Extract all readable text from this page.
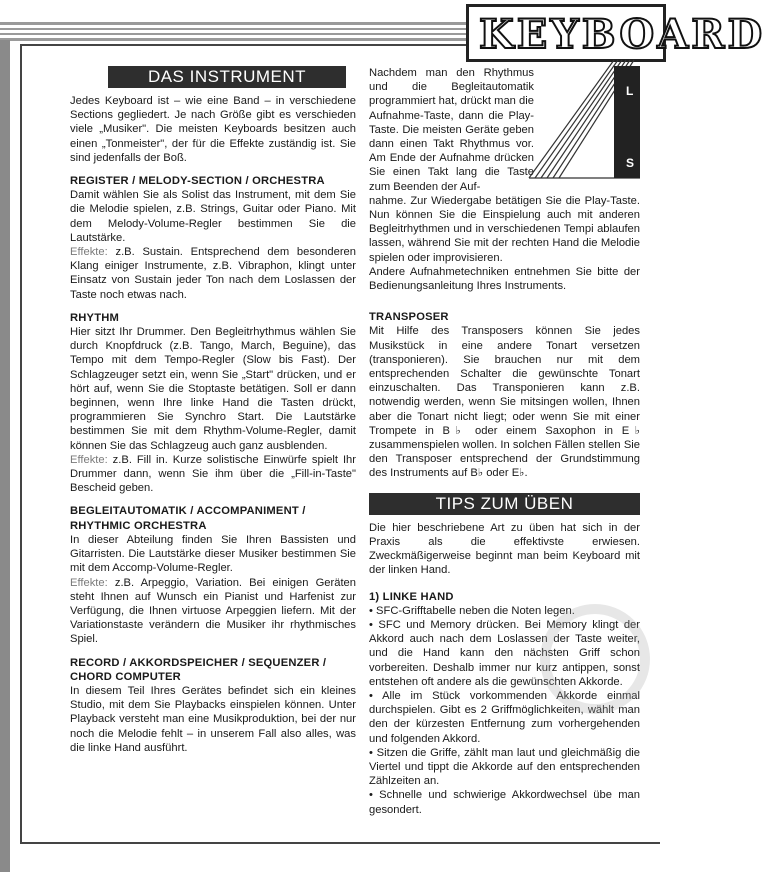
KEYBOARD
L
S
DAS INSTRUMENT

Jedes Keyboard ist – wie eine Band – in verschiedene Sections gegliedert. Je nach Größe gibt es verschieden viele „Musiker". Die meisten Keyboards besitzen auch einen „Tonmeister", der für die Effekte zuständig ist. Sie sind jedenfalls der Boß.

REGISTER / MELODY-SECTION / ORCHESTRA

Damit wählen Sie als Solist das Instrument, mit dem Sie die Melodie spielen, z.B. Strings, Guitar oder Piano. Mit dem Melody-Volume-Regler bestimmen Sie die Lautstärke.

Effekte: z.B. Sustain. Entsprechend dem besonderen Klang einiger Instrumente, z.B. Vibraphon, klingt unter Einsatz von Sustain jeder Ton nach dem Loslassen der Taste noch etwas nach.

RHYTHM

Hier sitzt Ihr Drummer. Den Begleitrhythmus wählen Sie durch Knopfdruck (z.B. Tango, March, Beguine), das Tempo mit dem Tempo-Regler (Slow bis Fast). Der Schlagzeuger setzt ein, wenn Sie „Start" drücken, und er hört auf, wenn Sie die Stoptaste betätigen. Soll er dann beginnen, wenn Ihre linke Hand die Tasten drückt, programmieren Sie Synchro Start. Die Lautstärke bestimmen Sie mit dem Rhythm-Volume-Regler, damit können Sie das Schlagzeug auch ganz ausblenden.

Effekte: z.B. Fill in. Kurze solistische Einwürfe spielt Ihr Drummer dann, wenn Sie ihm über die „Fill-in-Taste" Bescheid geben.

BEGLEITAUTOMATIK / ACCOMPANIMENT / RHYTHMIC ORCHESTRA

In dieser Abteilung finden Sie Ihren Bassisten und Gitarristen. Die Lautstärke dieser Musiker bestimmen Sie mit dem Accomp-Volume-Regler.

Effekte: z.B. Arpeggio, Variation. Bei einigen Geräten steht Ihnen auf Wunsch ein Pianist und Harfenist zur Verfügung, die Ihnen virtuose Arpeggien liefern. Mit der Variationstaste verändern die Musiker ihr rhythmisches Spiel.

RECORD / AKKORDSPEICHER / SEQUENZER / CHORD COMPUTER

In diesem Teil Ihres Gerätes befindet sich ein kleines Studio, mit dem Sie Playbacks einspielen können. Unter Playback versteht man eine Musikproduktion, bei der nur noch die Melodie fehlt – in unserem Fall also alles, was die linke Hand ausführt.

Nachdem man den Rhythmus und die Begleitautomatik programmiert hat, drückt man die Aufnahme-Taste, dann die Play-Taste. Die meisten Geräte geben dann einen Takt Rhythmus vor. Am Ende der Aufnahme drücken Sie einen Takt lang die Taste zum Beenden der Auf-

nahme. Zur Wiedergabe betätigen Sie die Play-Taste. Nun können Sie die Einspielung auch mit anderen Begleitrhythmen und in verschiedenen Tempi ablaufen lassen, während Sie mit der rechten Hand die Melodie spielen oder improvisieren.

Andere Aufnahmetechniken entnehmen Sie bitte der Bedienungsanleitung Ihres Instruments.

TRANSPOSER

Mit Hilfe des Transposers können Sie jedes Musikstück in eine andere Tonart versetzen (transponieren). Sie brauchen nur mit dem entsprechenden Schalter die gewünschte Tonart einzuschalten. Das Transponieren kann z.B. notwendig werden, wenn Sie mitsingen wollen, Ihnen aber die Tonart nicht liegt; oder wenn Sie mit einer Trompete in B♭ oder einem Saxophon in E♭ zusammenspielen wollen. In solchen Fällen stellen Sie den Transposer entsprechend der Grundstimmung des Instruments auf B♭ oder E♭.

TIPS ZUM ÜBEN

Die hier beschriebene Art zu üben hat sich in der Praxis als die effektivste erwiesen. Zweckmäßigerweise beginnt man beim Keyboard mit der linken Hand.

1) LINKE HAND

• SFC-Grifftabelle neben die Noten legen.

• SFC und Memory drücken. Bei Memory klingt der Akkord auch nach dem Loslassen der Taste weiter, und die Hand kann den nächsten Griff schon vorbereiten. Deshalb immer nur kurz antippen, sonst entstehen oft andere als die gewünschten Akkorde.

• Alle im Stück vorkommenden Akkorde einmal durchspielen. Gibt es 2 Griffmöglichkeiten, wählt man den der kürzesten Entfernung zum vorhergehenden und folgenden Akkord.

• Sitzen die Griffe, zählt man laut und gleichmäßig die Viertel und tippt die Akkorde auf den entsprechenden Zählzeiten an.

• Schnelle und schwierige Akkordwechsel übe man gesondert.
